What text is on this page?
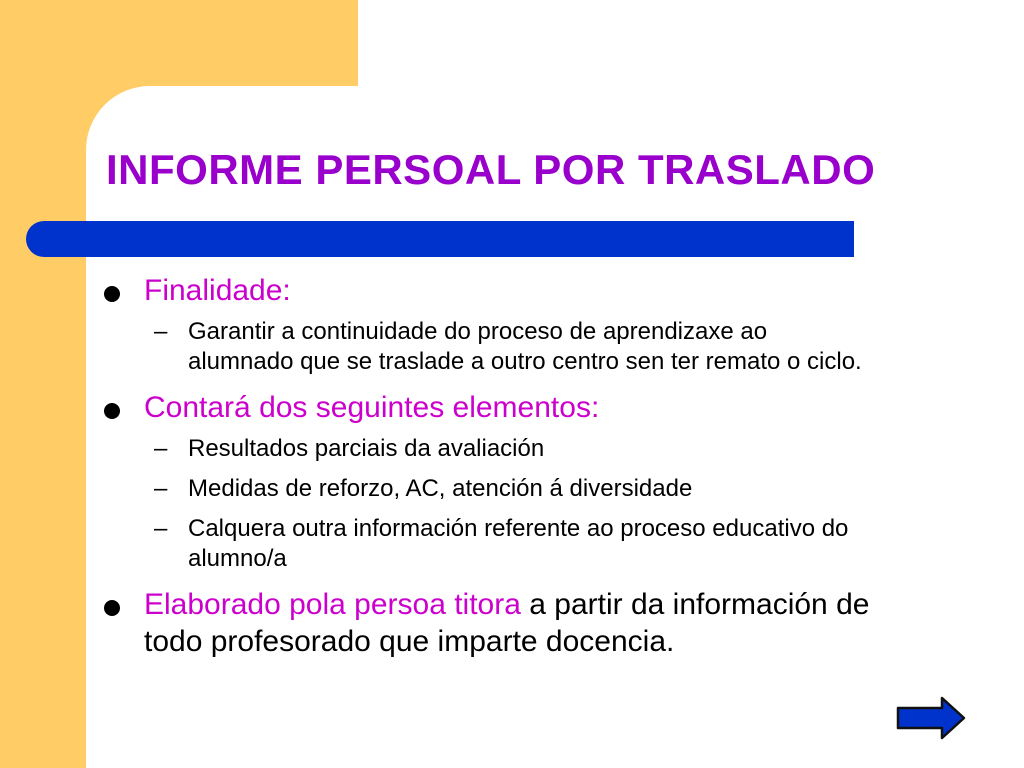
INFORME PERSOAL POR TRASLADO
Finalidade:
– Garantir a continuidade do proceso de aprendizaxe ao
alumnado que se traslade a outro centro sen ter remato o ciclo.
Contará dos seguintes elementos:
– Resultados parciais da avaliación
– Medidas de reforzo, AC, atención á diversidade
– Calquera outra información referente ao proceso educativo do
alumno/a
Elaborado pola persoa titora a partir da información de
todo profesorado que imparte docencia.
